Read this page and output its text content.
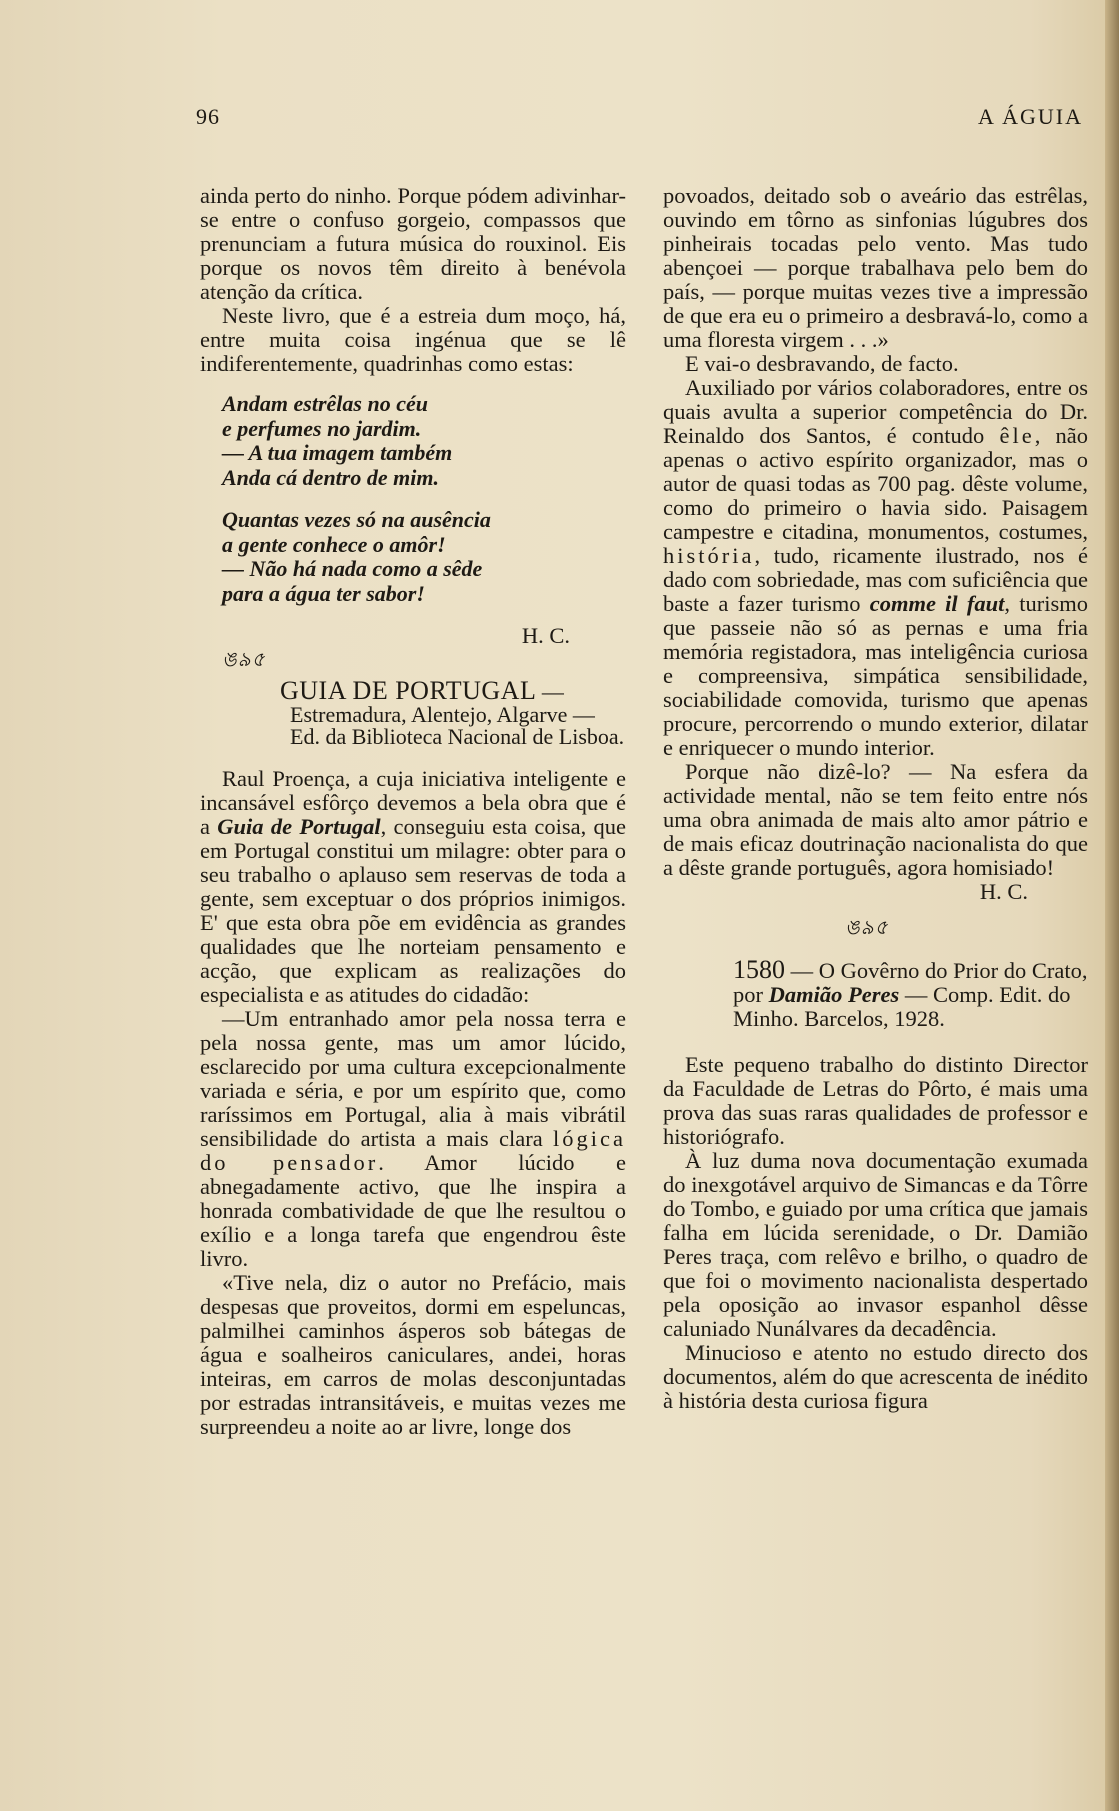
96	A ÁGUIA

ainda perto do ninho. Porque pódem adivinhar-se entre o confuso gorgeio, compassos que prenunciam a futura música do rouxinol. Eis porque os novos têm direito à benévola atenção da crítica.

Neste livro, que é a estreia dum moço, há, entre muita coisa ingénua que se lê indiferentemente, quadrinhas como estas:

Andam estrêlas no céu
e perfumes no jardim.
— A tua imagem também
Anda cá dentro de mim.
Quantas vezes só na ausência
a gente conhece o amôr!
— Não há nada como a sêde
para a água ter sabor!
H. C.
ঙ৯৫
GUIA DE PORTUGAL — Estremadura, Alentejo, Algarve — Ed. da Biblioteca Nacional de Lisboa.

Raul Proença, a cuja iniciativa inteligente e incansável esfôrço devemos a bela obra que é a Guia de Portugal, conseguiu esta coisa, que em Portugal constitui um milagre: obter para o seu trabalho o aplauso sem reservas de toda a gente, sem exceptuar o dos próprios inimigos. E' que esta obra põe em evidência as grandes qualidades que lhe norteiam pensamento e acção, que explicam as realizações do especialista e as atitudes do cidadão:

—Um entranhado amor pela nossa terra e pela nossa gente, mas um amor lúcido, esclarecido por uma cultura excepcionalmente variada e séria, e por um espírito que, como raríssimos em Portugal, alia à mais vibrátil sensibilidade do artista a mais clara lógica do pensador. Amor lúcido e abnegadamente activo, que lhe inspira a honrada combatividade de que lhe resultou o exílio e a longa tarefa que engendrou êste livro.

«Tive nela, diz o autor no Prefácio, mais despesas que proveitos, dormi em espeluncas, palmilhei caminhos ásperos sob bátegas de água e soalheiros caniculares, andei, horas inteiras, em carros de molas desconjuntadas por estradas intransitáveis, e muitas vezes me surpreendeu a noite ao ar livre, longe dos

povoados, deitado sob o aveário das estrêlas, ouvindo em tôrno as sinfonias lúgubres dos pinheirais tocadas pelo vento. Mas tudo abençoei — porque trabalhava pelo bem do país, — porque muitas vezes tive a impressão de que era eu o primeiro a desbravá-lo, como a uma floresta virgem . . .»

E vai-o desbravando, de facto.

Auxiliado por vários colaboradores, entre os quais avulta a superior competência do Dr. Reinaldo dos Santos, é contudo êle, não apenas o activo espírito organizador, mas o autor de quasi todas as 700 pag. dêste volume, como do primeiro o havia sido. Paisagem campestre e citadina, monumentos, costumes, história, tudo, ricamente ilustrado, nos é dado com sobriedade, mas com suficiência que baste a fazer turismo comme il faut, turismo que passeie não só as pernas e uma fria memória registadora, mas inteligência curiosa e compreensiva, simpática sensibilidade, sociabilidade comovida, turismo que apenas procure, percorrendo o mundo exterior, dilatar e enriquecer o mundo interior.

Porque não dizê-lo? — Na esfera da actividade mental, não se tem feito entre nós uma obra animada de mais alto amor pátrio e de mais eficaz doutrinação nacionalista do que a dêste grande português, agora homisiado!

H. C.
ঙ৯৫
1580 — O Govêrno do Prior do Crato, por Damião Peres — Comp. Edit. do Minho. Barcelos, 1928.

Este pequeno trabalho do distinto Director da Faculdade de Letras do Pôrto, é mais uma prova das suas raras qualidades de professor e historiógrafo.

À luz duma nova documentação exumada do inexgotável arquivo de Simancas e da Tôrre do Tombo, e guiado por uma crítica que jamais falha em lúcida serenidade, o Dr. Damião Peres traça, com relêvo e brilho, o quadro de que foi o movimento nacionalista despertado pela oposição ao invasor espanhol dêsse caluniado Nunálvares da decadência.

Minucioso e atento no estudo directo dos documentos, além do que acrescenta de inédito à história desta curiosa figura
